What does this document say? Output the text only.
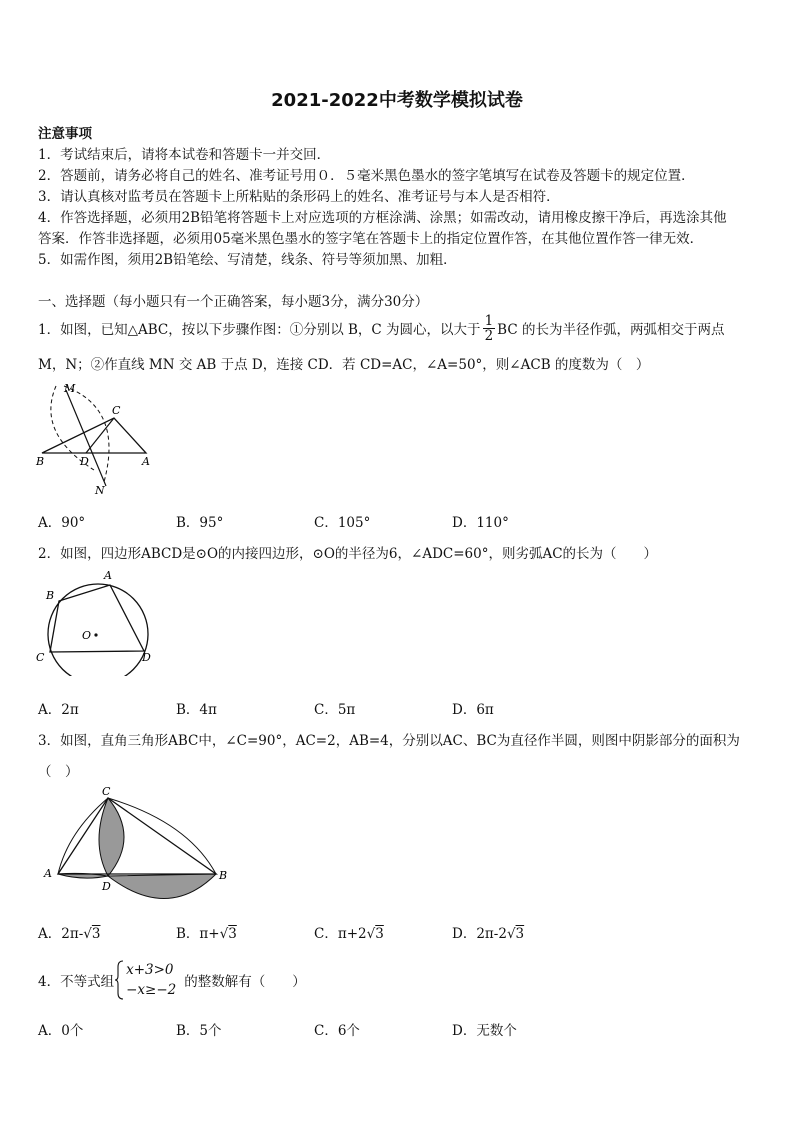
2021-2022中考数学模拟试卷
注意事项
1．考试结束后，请将本试卷和答题卡一并交回．
2．答题前，请务必将自己的姓名、准考证号用０．５毫米黑色墨水的签字笔填写在试卷及答题卡的规定位置．
3．请认真核对监考员在答题卡上所粘贴的条形码上的姓名、准考证号与本人是否相符．
4．作答选择题，必须用2B铅笔将答题卡上对应选项的方框涂满、涂黑；如需改动，请用橡皮擦干净后，再选涂其他
答案．作答非选择题，必须用05毫米黑色墨水的签字笔在答题卡上的指定位置作答，在其他位置作答一律无效．
5．如需作图，须用2B铅笔绘、写清楚，线条、符号等须加黑、加粗．
一、选择题（每小题只有一个正确答案，每小题3分，满分30分）
1．如图，已知△ABC，按以下步骤作图：①分别以 B，C 为圆心，以大于 $\frac{1}{2}$ BC 的长为半径作弧，两弧相交于两点
M，N；②作直线 MN 交 AB 于点 D，连接 CD．若 CD=AC，∠A=50°，则∠ACB 的度数为（　）
M
C
B	D	A
N
A．90°	B．95°	C．105°	D．110°
2．如图，四边形ABCD是⊙O的内接四边形，⊙O的半径为6，∠ADC=60°，则劣弧AC的长为（　　）
A
B
C	D
O
A．2π	B．4π	C．5π	D．6π
3．如图，直角三角形ABC中，∠C=90°，AC=2，AB=4，分别以AC、BC为直径作半圆，则图中阴影部分的面积为
（　）
C
A
D
B
A．2π-√3	B．π+√3	C．π+2√3	D．2π-2√3
4．不等式组
x+3>0
−x≥−2 的整数解有（　　）
A．0个	B．5个	C．6个	D．无数个
